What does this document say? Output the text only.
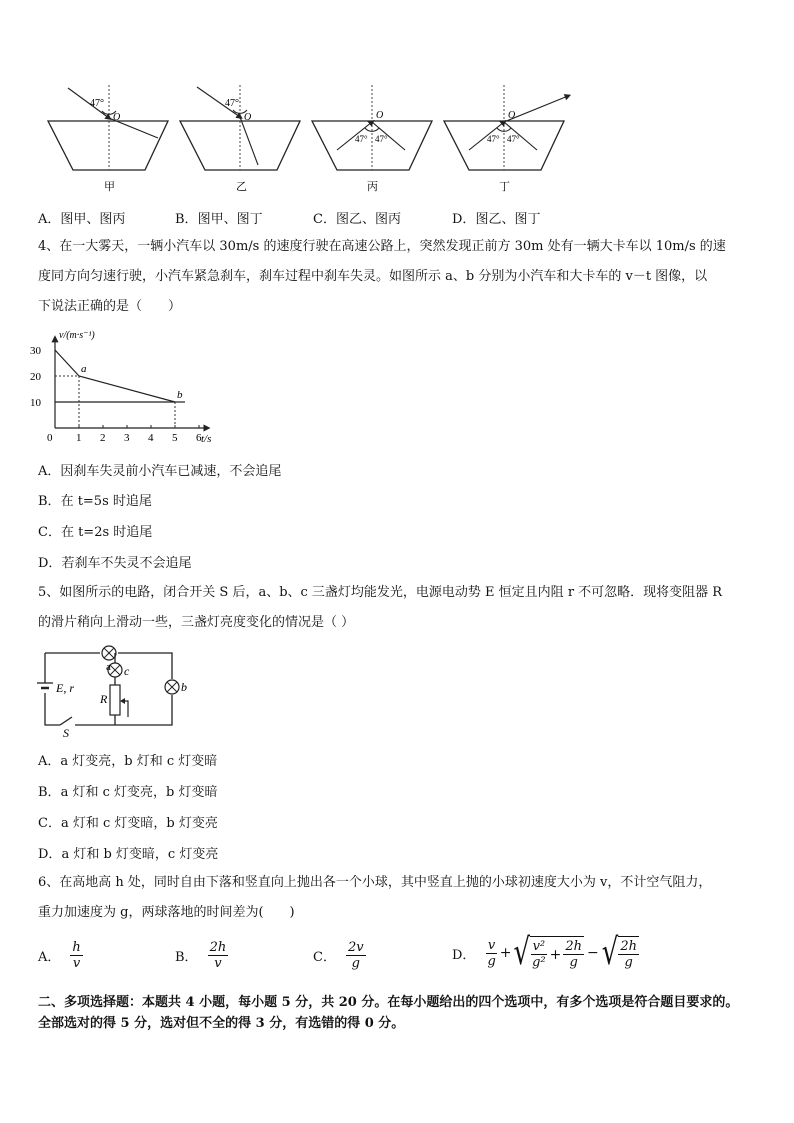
47°
O
47°
O
47° 47°
O
47° 47°
O
甲	乙	丙	丁
A．图甲、图丙	B．图甲、图丁	C．图乙、图丙	D．图乙、图丁
4、在一大雾天，一辆小汽车以 30m/s 的速度行驶在高速公路上，突然发现正前方 30m 处有一辆大卡车以 10m/s 的速
度同方向匀速行驶，小汽车紧急刹车，刹车过程中刹车失灵。如图所示 a、b 分别为小汽车和大卡车的 v－t 图像，以
下说法正确的是（　　）
0 1 2 3 4 5 6
10
20
30
v/(m·s⁻¹)
t/s
a
b
A．因刹车失灵前小汽车已减速，不会追尾
B．在 t=5s 时追尾
C．在 t=2s 时追尾
D．若刹车不失灵不会追尾
5、如图所示的电路，闭合开关 S 后，a、b、c 三盏灯均能发光，电源电动势 E 恒定且内阻 r 不可忽略．现将变阻器 R
的滑片稍向上滑动一些，三盏灯亮度变化的情况是（ ）
a c
b
E, r
R
S
A．a 灯变亮，b 灯和 c 灯变暗
B．a 灯和 c 灯变亮，b 灯变暗
C．a 灯和 c 灯变暗，b 灯变亮
D．a 灯和 b 灯变暗，c 灯变亮
6、在高地高 h 处，同时自由下落和竖直向上抛出各一个小球，其中竖直上抛的小球初速度大小为 v，不计空气阻力，
重力加速度为 g，两球落地的时间差为(　　)
A． $\frac{h}{v}$	B． $\frac{2h}{v}$	C． $\frac{2v}{g}$	D． $\frac{v}{g}$ + √ $\frac{\text{v²}}{\text{g²}} + \frac{2h}{g}$ − √ $\frac{2h}{g}$
二、多项选择题：本题共 4 小题，每小题 5 分，共 20 分。在每小题给出的四个选项中，有多个选项是符合题目要求的。
全部选对的得 5 分，选对但不全的得 3 分，有选错的得 0 分。
